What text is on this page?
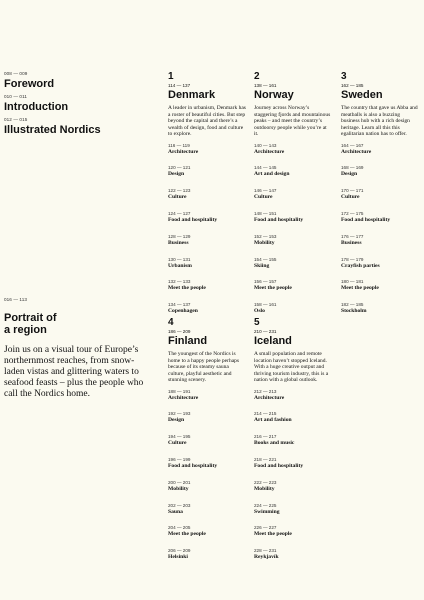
008 — 009
Foreword
010 — 011
Introduction
012 — 015
Illustrated Nordics
016 — 113
Portrait of
a region
Join us on a visual tour of Europe’s northernmost reaches, from snow-laden vistas and glittering waters to seafood feasts – plus the people who call the Nordics home.
1
114 — 137
Denmark
A leader in urbanism, Denmark has a roster of beautiful cities. But step beyond the capital and there’s a wealth of design, food and culture to explore.
116 — 119
Architecture
120 — 121
Design
122 — 123
Culture
124 — 127
Food and hospitality
128 — 129
Business
130 — 131
Urbanism
132 — 133
Meet the people
134 — 137
Copenhagen
2
138 — 161
Norway
Journey across Norway’s staggering fjords and mountainous peaks – and meet the country’s outdoorsy people while you’re at it.
140 — 143
Architecture
144 — 145
Art and design
146 — 147
Culture
148 — 151
Food and hospitality
152 — 153
Mobility
154 — 155
Skiing
156 — 157
Meet the people
158 — 161
Oslo
3
162 — 185
Sweden
The country that gave us Abba and meatballs is also a buzzing business hub with a rich design heritage. Learn all this this egalitarian nation has to offer.
164 — 167
Architecture
168 — 169
Design
170 — 171
Culture
172 — 175
Food and hospitality
176 — 177
Business
178 — 179
Crayfish parties
180 — 181
Meet the people
182 — 185
Stockholm
4
186 — 209
Finland
The youngest of the Nordics is home to a happy people perhaps because of its steamy sauna culture, playful aesthetic and stunning scenery.
188 — 191
Architecture
192 — 193
Design
194 — 195
Culture
196 — 199
Food and hospitality
200 — 201
Mobility
202 — 203
Sauna
204 — 205
Meet the people
206 — 209
Helsinki
5
210 — 231
Iceland
A small population and remote location haven’t stopped Iceland. With a huge creative output and thriving tourism industry, this is a nation with a global outlook.
212 — 213
Architecture
214 — 215
Art and fashion
216 — 217
Books and music
218 — 221
Food and hospitality
222 — 223
Mobility
224 — 225
Swimming
226 — 227
Meet the people
228 — 231
Reykjavík
